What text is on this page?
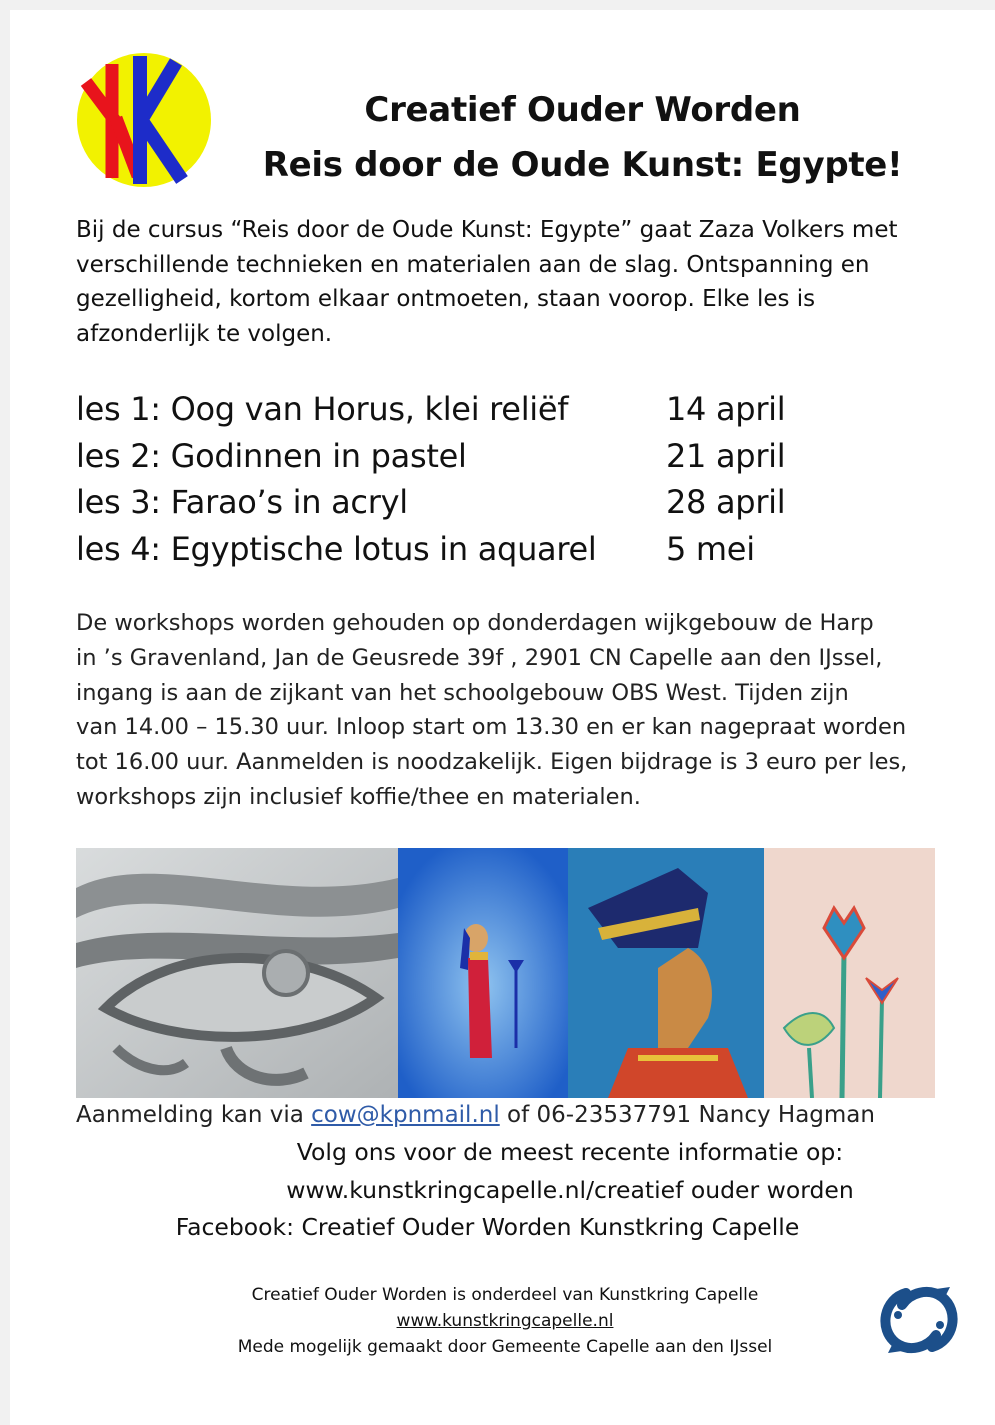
Creatief Ouder Worden
Reis door de Oude Kunst: Egypte!

Bij de cursus “Reis door de Oude Kunst: Egypte” gaat Zaza Volkers met verschillende technieken en materialen aan de slag. Ontspanning en gezelligheid, kortom elkaar ontmoeten, staan voorop. Elke les is afzonderlijk te volgen.

les 1: Oog van Horus, klei reliëf	14 april
les 2: Godinnen in pastel	21 april
les 3: Farao’s in acryl	28 april
les 4: Egyptische lotus in aquarel	5 mei
De workshops worden gehouden op donderdagen wijkgebouw de Harp
in ’s Gravenland, Jan de Geusrede 39f , 2901 CN Capelle aan den IJssel,
ingang is aan de zijkant van het schoolgebouw OBS West. Tijden zijn
van 14.00 – 15.30 uur. Inloop start om 13.30 en er kan nagepraat worden
tot 16.00 uur. Aanmelden is noodzakelijk. Eigen bijdrage is 3 euro per les,
workshops zijn inclusief koffie/thee en materialen.
Aanmelding kan via cow@kpnmail.nl of 06-23537791 Nancy Hagman
Volg ons voor de meest recente informatie op:
www.kunstkringcapelle.nl/creatief ouder worden
Facebook: Creatief Ouder Worden Kunstkring Capelle
Creatief Ouder Worden is onderdeel van Kunstkring Capelle
www.kunstkringcapelle.nl
Mede mogelijk gemaakt door Gemeente Capelle aan den IJssel
